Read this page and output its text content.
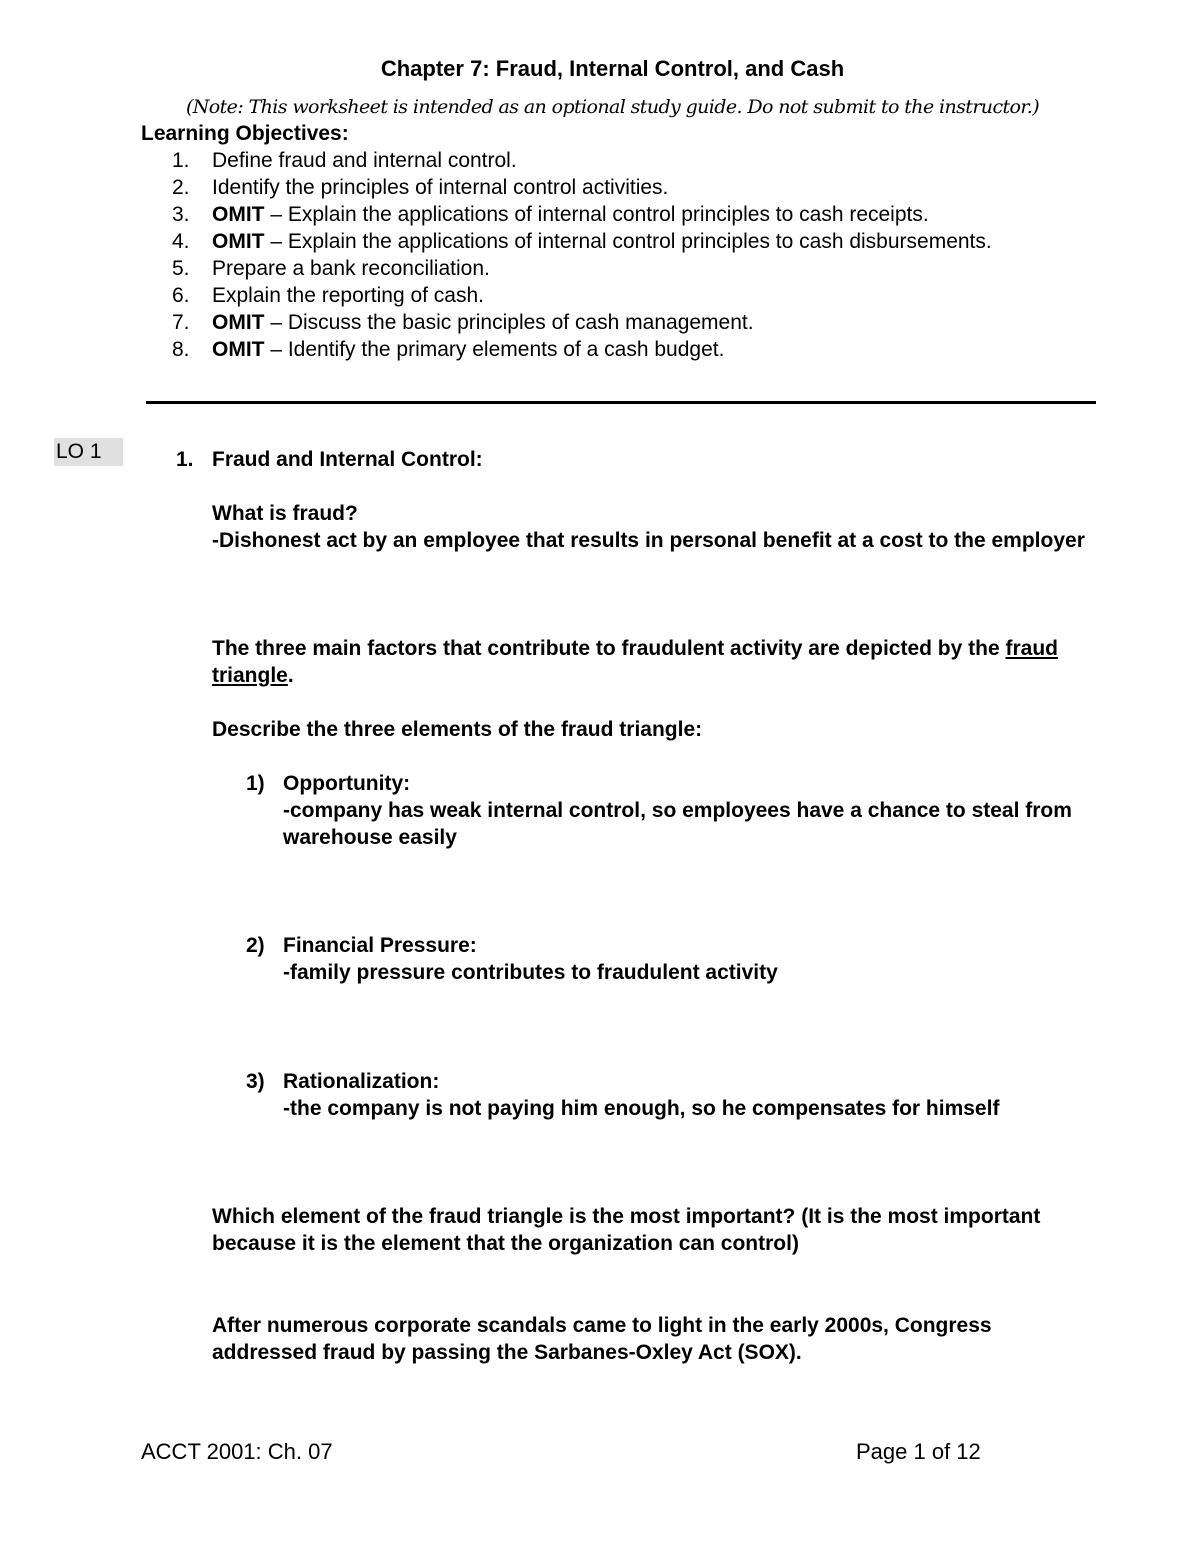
Chapter 7: Fraud, Internal Control, and Cash
(Note: This worksheet is intended as an optional study guide. Do not submit to the instructor.)
Learning Objectives:
1.	Define fraud and internal control.
2.	Identify the principles of internal control activities.
3.	OMIT – Explain the applications of internal control principles to cash receipts.
4.	OMIT – Explain the applications of internal control principles to cash disbursements.
5.	Prepare a bank reconciliation.
6.	Explain the reporting of cash.
7.	OMIT – Discuss the basic principles of cash management.
8.	OMIT – Identify the primary elements of a cash budget.
LO 1	1. Fraud and Internal Control:
What is fraud?
-Dishonest act by an employee that results in personal benefit at a cost to the employer
The three main factors that contribute to fraudulent activity are depicted by the fraud triangle.
Describe the three elements of the fraud triangle:
1) Opportunity:
-company has weak internal control, so employees have a chance to steal from warehouse easily
2) Financial Pressure:
-family pressure contributes to fraudulent activity
3) Rationalization:
-the company is not paying him enough, so he compensates for himself
Which element of the fraud triangle is the most important? (It is the most important because it is the element that the organization can control)
After numerous corporate scandals came to light in the early 2000s, Congress addressed fraud by passing the Sarbanes-Oxley Act (SOX).
ACCT 2001: Ch. 07	Page 1 of 12
